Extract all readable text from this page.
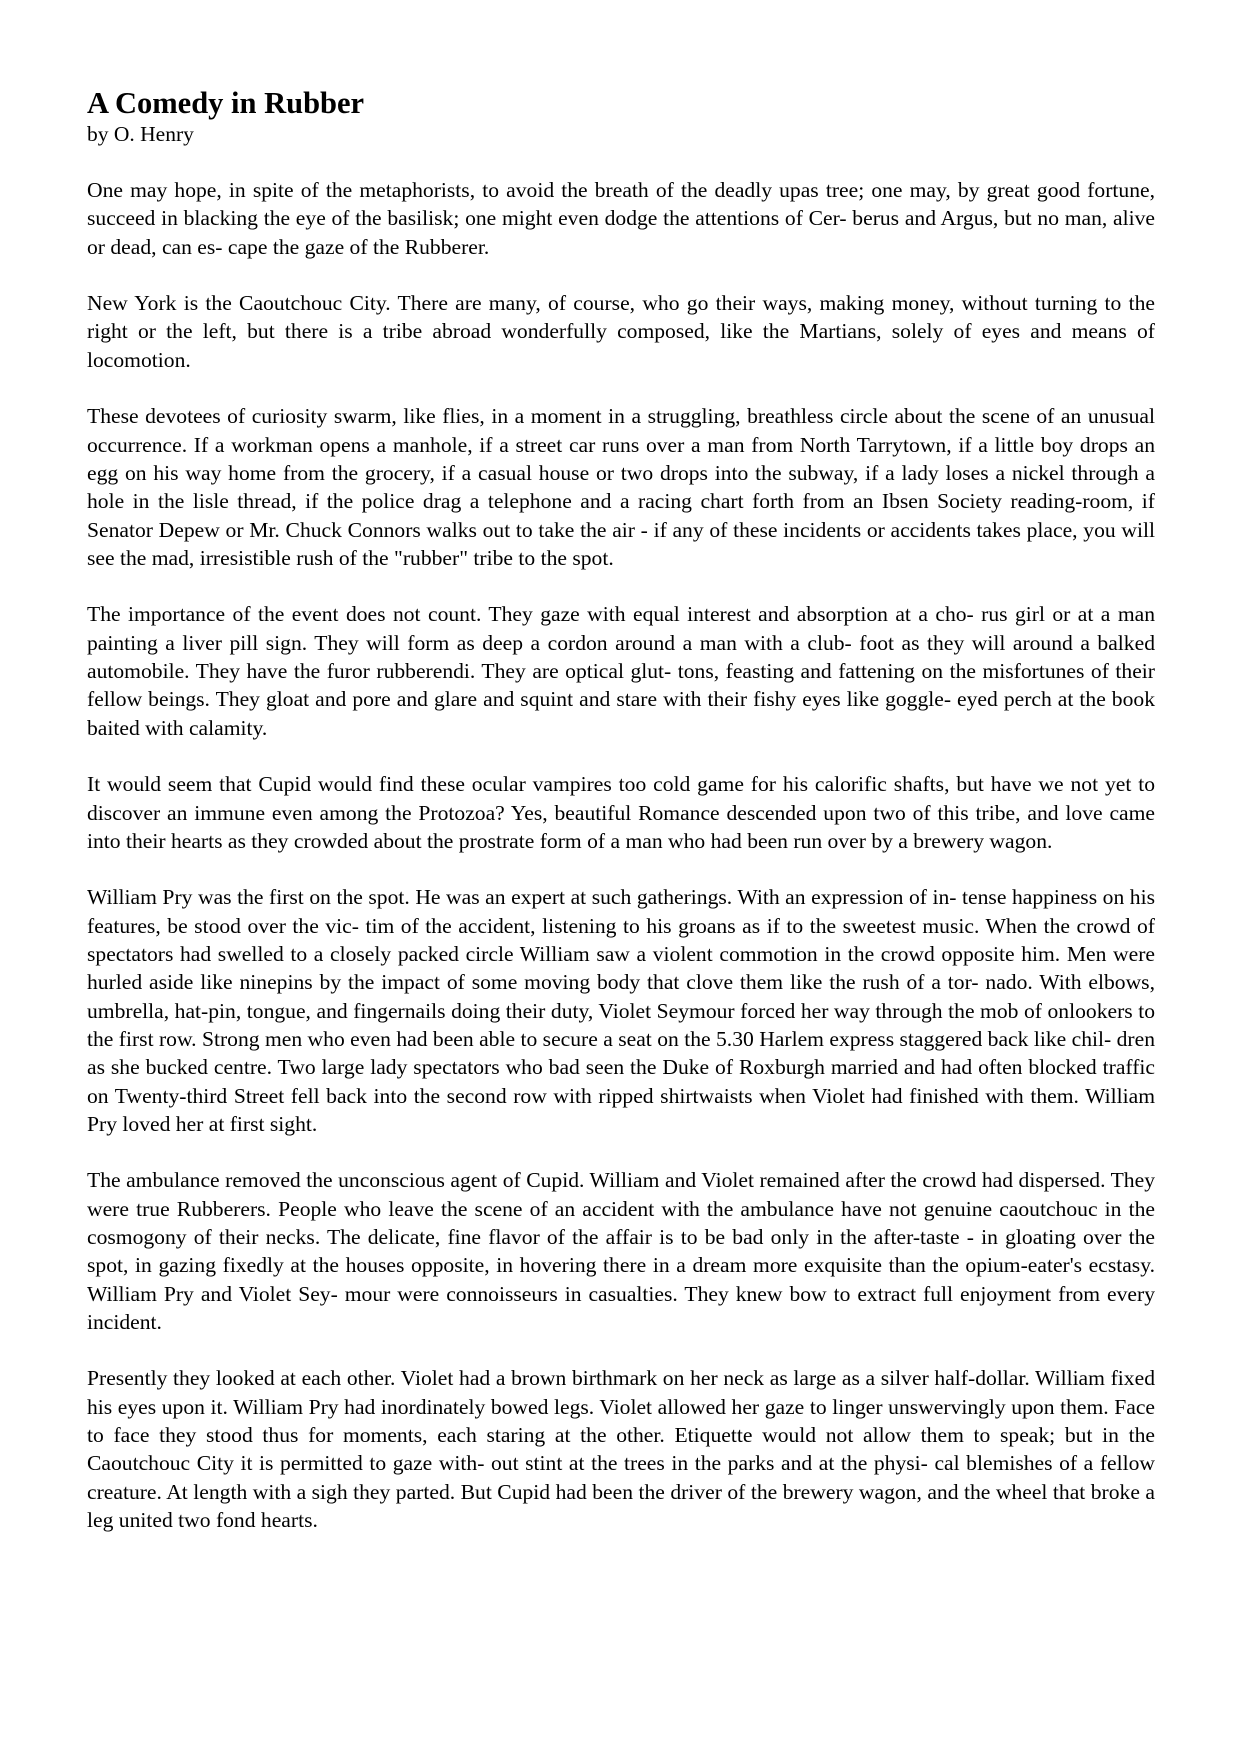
A Comedy in Rubber

by O. Henry

One may hope, in spite of the metaphorists, to avoid the breath of the deadly upas tree; one may, by great good fortune, succeed in blacking the eye of the basilisk; one might even dodge the attentions of Cer- berus and Argus, but no man, alive or dead, can es- cape the gaze of the Rubberer.

New York is the Caoutchouc City. There are many, of course, who go their ways, making money, without turning to the right or the left, but there is a tribe abroad wonderfully composed, like the Martians, solely of eyes and means of locomotion.

These devotees of curiosity swarm, like flies, in a moment in a struggling, breathless circle about the scene of an unusual occurrence. If a workman opens a manhole, if a street car runs over a man from North Tarrytown, if a little boy drops an egg on his way home from the grocery, if a casual house or two drops into the subway, if a lady loses a nickel through a hole in the lisle thread, if the police drag a telephone and a racing chart forth from an Ibsen Society reading-room, if Senator Depew or Mr. Chuck Connors walks out to take the air - if any of these incidents or accidents takes place, you will see the mad, irresistible rush of the "rubber" tribe to the spot.

The importance of the event does not count. They gaze with equal interest and absorption at a cho- rus girl or at a man painting a liver pill sign. They will form as deep a cordon around a man with a club- foot as they will around a balked automobile. They have the furor rubberendi. They are optical glut- tons, feasting and fattening on the misfortunes of their fellow beings. They gloat and pore and glare and squint and stare with their fishy eyes like goggle- eyed perch at the book baited with calamity.

It would seem that Cupid would find these ocular vampires too cold game for his calorific shafts, but have we not yet to discover an immune even among the Protozoa? Yes, beautiful Romance descended upon two of this tribe, and love came into their hearts as they crowded about the prostrate form of a man who had been run over by a brewery wagon.

William Pry was the first on the spot. He was an expert at such gatherings. With an expression of in- tense happiness on his features, be stood over the vic- tim of the accident, listening to his groans as if to the sweetest music. When the crowd of spectators had swelled to a closely packed circle William saw a violent commotion in the crowd opposite him. Men were hurled aside like ninepins by the impact of some moving body that clove them like the rush of a tor- nado. With elbows, umbrella, hat-pin, tongue, and fingernails doing their duty, Violet Seymour forced her way through the mob of onlookers to the first row. Strong men who even had been able to secure a seat on the 5.30 Harlem express staggered back like chil- dren as she bucked centre. Two large lady spectators who bad seen the Duke of Roxburgh married and had often blocked traffic on Twenty-third Street fell back into the second row with ripped shirtwaists when Violet had finished with them. William Pry loved her at first sight.

The ambulance removed the unconscious agent of Cupid. William and Violet remained after the crowd had dispersed. They were true Rubberers. People who leave the scene of an accident with the ambulance have not genuine caoutchouc in the cosmogony of their necks. The delicate, fine flavor of the affair is to be bad only in the after-taste - in gloating over the spot, in gazing fixedly at the houses opposite, in hovering there in a dream more exquisite than the opium-eater's ecstasy. William Pry and Violet Sey- mour were connoisseurs in casualties. They knew bow to extract full enjoyment from every incident.

Presently they looked at each other. Violet had a brown birthmark on her neck as large as a silver half-dollar. William fixed his eyes upon it. William Pry had inordinately bowed legs. Violet allowed her gaze to linger unswervingly upon them. Face to face they stood thus for moments, each staring at the other. Etiquette would not allow them to speak; but in the Caoutchouc City it is permitted to gaze with- out stint at the trees in the parks and at the physi- cal blemishes of a fellow creature. At length with a sigh they parted. But Cupid had been the driver of the brewery wagon, and the wheel that broke a leg united two fond hearts.
